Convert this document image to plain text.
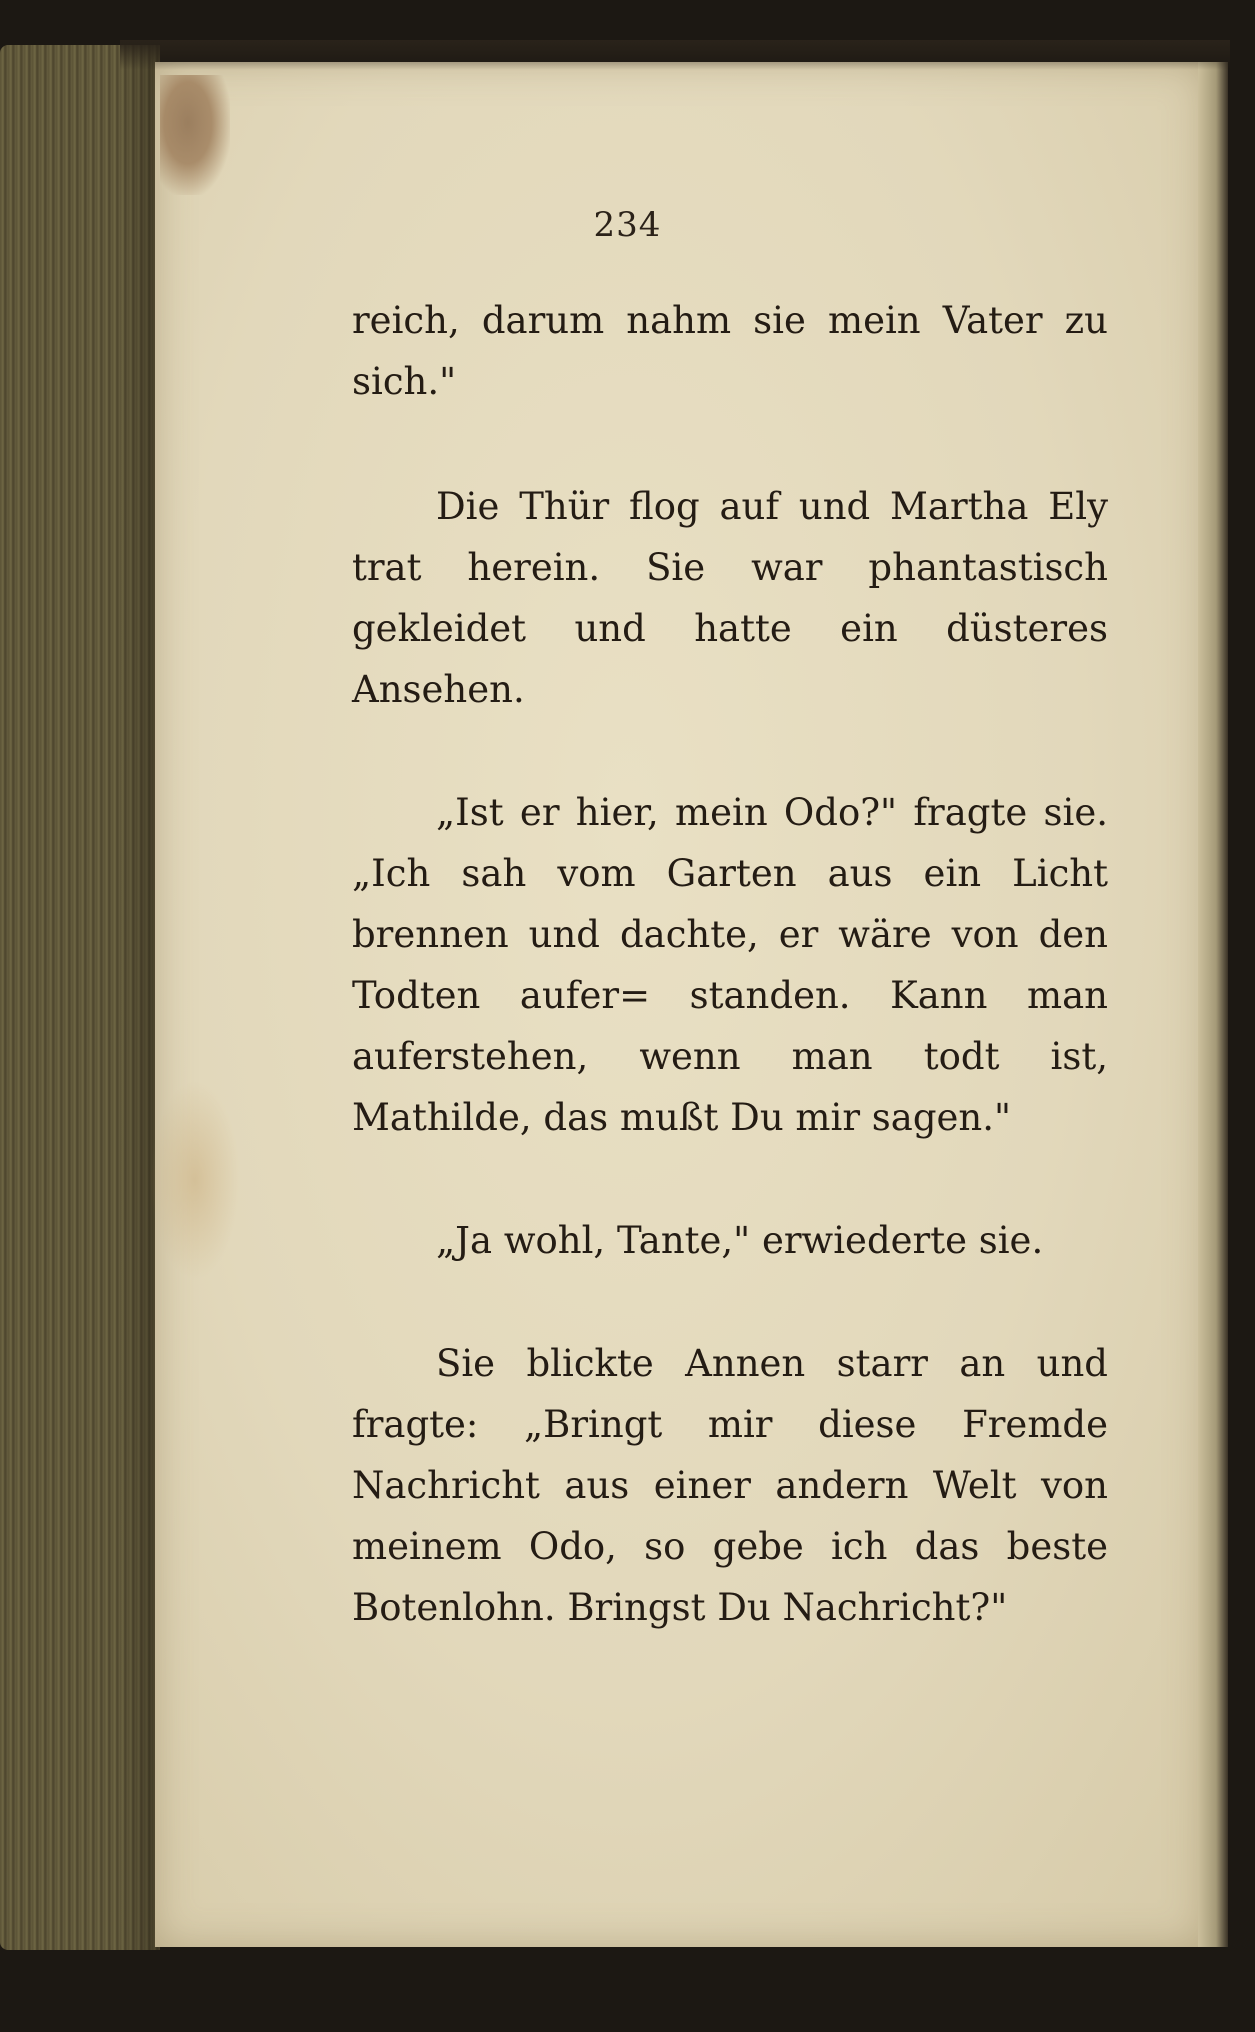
234

reich, darum nahm sie mein Vater zu sich."

Die Thür flog auf und Martha Ely trat herein. Sie war phantastisch gekleidet und hatte ein düsteres Ansehen.

„Ist er hier, mein Odo?" fragte sie. „Ich sah vom Garten aus ein Licht brennen und dachte, er wäre von den Todten aufer= standen. Kann man auferstehen, wenn man todt ist, Mathilde, das mußt Du mir sagen."

„Ja wohl, Tante," erwiederte sie.

Sie blickte Annen starr an und fragte: „Bringt mir diese Fremde Nachricht aus einer andern Welt von meinem Odo, so gebe ich das beste Botenlohn. Bringst Du Nachricht?"
